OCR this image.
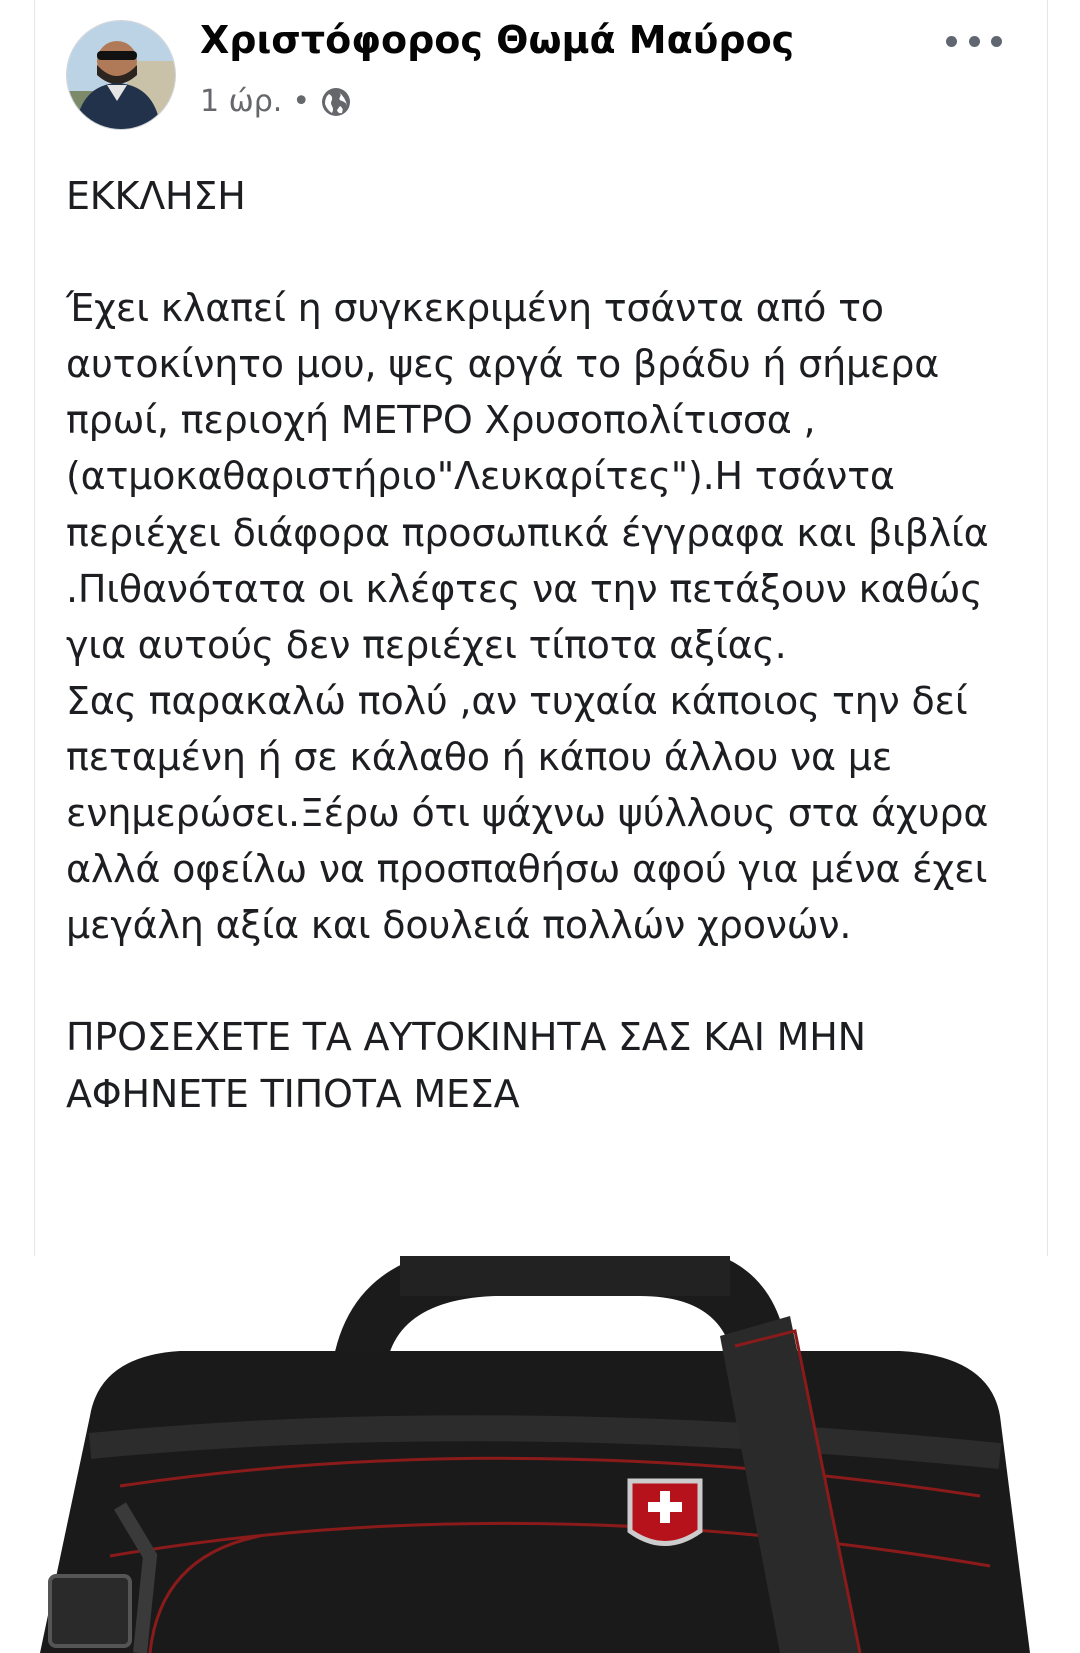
Χριστόφορος Θωμά Μαύρος
1 ώρ. •
ΕΚΚΛΗΣΗ

Έχει κλαπεί η συγκεκριμένη τσάντα από το αυτοκίνητο μου, ψες αργά το βράδυ ή σήμερα πρωί, περιοχή ΜΕΤΡΟ Χρυσοπολίτισσα , (ατμοκαθαριστήριο"Λευκαρίτες").Η τσάντα περιέχει διάφορα προσωπικά έγγραφα και βιβλία .Πιθανότατα οι κλέφτες να την πετάξουν καθώς για αυτούς δεν περιέχει τίποτα αξίας.
Σας παρακαλώ πολύ ,αν τυχαία κάποιος την δεί πεταμένη ή σε κάλαθο ή κάπου άλλου να με ενημερώσει.Ξέρω ότι ψάχνω ψύλλους στα άχυρα αλλά οφείλω να προσπαθήσω αφού για μένα έχει μεγάλη αξία και δουλειά πολλών χρονών.

ΠΡΟΣΕΧΕΤΕ ΤΑ ΑΥΤΟΚΙΝΗΤΑ ΣΑΣ ΚΑΙ ΜΗΝ ΑΦΗΝΕΤΕ ΤΙΠΟΤΑ ΜΕΣΑ
